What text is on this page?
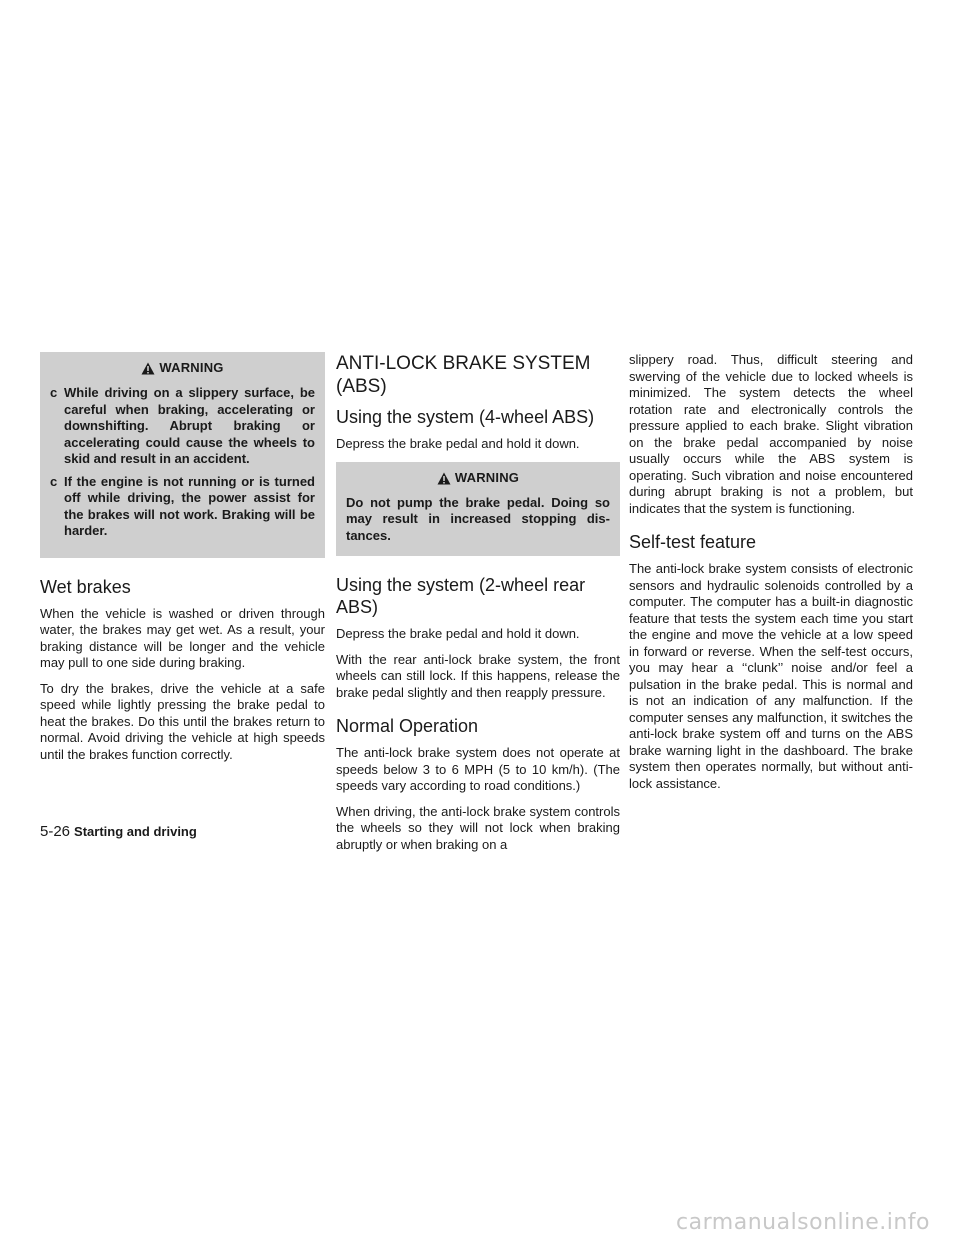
WARNING
c While driving on a slippery surface, be careful when braking, accelerating or downshifting. Abrupt braking or accelerating could cause the wheels to skid and result in an accident.
c If the engine is not running or is turned off while driving, the power assist for the brakes will not work. Braking will be harder.
Wet brakes

When the vehicle is washed or driven through water, the brakes may get wet. As a result, your braking distance will be longer and the vehicle may pull to one side during braking.

To dry the brakes, drive the vehicle at a safe speed while lightly pressing the brake pedal to heat the brakes. Do this until the brakes return to normal. Avoid driving the vehicle at high speeds until the brakes function correctly.

ANTI-LOCK BRAKE SYSTEM (ABS)
Using the system (4-wheel ABS)

Depress the brake pedal and hold it down.

WARNING
Do not pump the brake pedal. Doing so may result in increased stopping distances.
Using the system (2-wheel rear ABS)

Depress the brake pedal and hold it down.

With the rear anti-lock brake system, the front wheels can still lock. If this happens, release the brake pedal slightly and then reapply pressure.

Normal Operation

The anti-lock brake system does not operate at speeds below 3 to 6 MPH (5 to 10 km/h). (The speeds vary according to road conditions.)

When driving, the anti-lock brake system controls the wheels so they will not lock when braking abruptly or when braking on a

slippery road. Thus, difficult steering and swerving of the vehicle due to locked wheels is minimized. The system detects the wheel rotation rate and electronically controls the pressure applied to each brake. Slight vibration on the brake pedal accompanied by noise usually occurs while the ABS system is operating. Such vibration and noise encountered during abrupt braking is not a problem, but indicates that the system is functioning.

Self-test feature

The anti-lock brake system consists of electronic sensors and hydraulic solenoids controlled by a computer. The computer has a built-in diagnostic feature that tests the system each time you start the engine and move the vehicle at a low speed in forward or reverse. When the self-test occurs, you may hear a ‘‘clunk’’ noise and/or feel a pulsation in the brake pedal. This is normal and is not an indication of any malfunction. If the computer senses any malfunction, it switches the anti-lock brake system off and turns on the ABS brake warning light in the dashboard. The brake system then operates normally, but without anti-lock assistance.

5-26 Starting and driving
carmanualsonline.info
